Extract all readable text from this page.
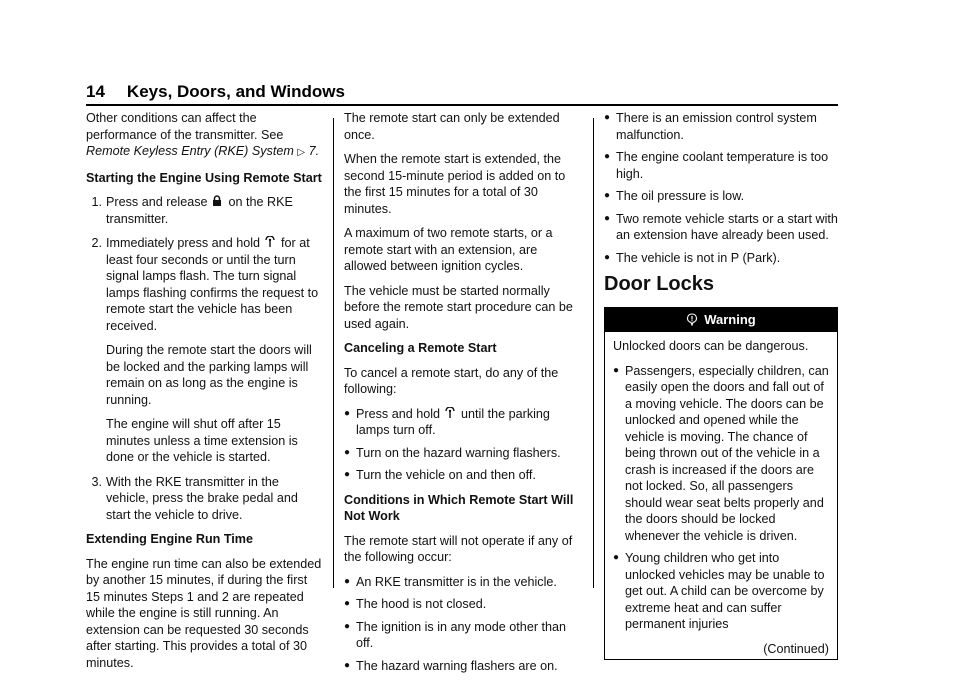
14 Keys, Doors, and Windows

Other conditions can affect the performance of the transmitter. See Remote Keyless Entry (RKE) System ▷ 7.

Starting the Engine Using Remote Start

1. Press and release on the RKE transmitter.

2. Immediately press and hold for at least four seconds or until the turn signal lamps flash. The turn signal lamps flashing confirms the request to remote start the vehicle has been received.

During the remote start the doors will be locked and the parking lamps will remain on as long as the engine is running.

The engine will shut off after 15 minutes unless a time extension is done or the vehicle is started.

3. With the RKE transmitter in the vehicle, press the brake pedal and start the vehicle to drive.

Extending Engine Run Time

The engine run time can also be extended by another 15 minutes, if during the first 15 minutes Steps 1 and 2 are repeated while the engine is still running. An extension can be requested 30 seconds after starting. This provides a total of 30 minutes.

The remote start can only be extended once.

When the remote start is extended, the second 15-minute period is added on to the first 15 minutes for a total of 30 minutes.

A maximum of two remote starts, or a remote start with an extension, are allowed between ignition cycles.

The vehicle must be started normally before the remote start procedure can be used again.

Canceling a Remote Start

To cancel a remote start, do any of the following:

● Press and hold until the parking lamps turn off.
● Turn on the hazard warning flashers.
● Turn the vehicle on and then off.

Conditions in Which Remote Start Will Not Work

The remote start will not operate if any of the following occur:

● An RKE transmitter is in the vehicle.
● The hood is not closed.
● The ignition is in any mode other than off.
● The hazard warning flashers are on.
● There is an emission control system malfunction.
● The engine coolant temperature is too high.
● The oil pressure is low.
● Two remote vehicle starts or a start with an extension have already been used.
● The vehicle is not in P (Park).
Door Locks
Warning

Unlocked doors can be dangerous.

● Passengers, especially children, can easily open the doors and fall out of a moving vehicle. The doors can be unlocked and opened while the vehicle is moving. The chance of being thrown out of the vehicle in a crash is increased if the doors are not locked. So, all passengers should wear seat belts properly and the doors should be locked whenever the vehicle is driven.
● Young children who get into unlocked vehicles may be unable to get out. A child can be overcome by extreme heat and can suffer permanent injuries
(Continued)
